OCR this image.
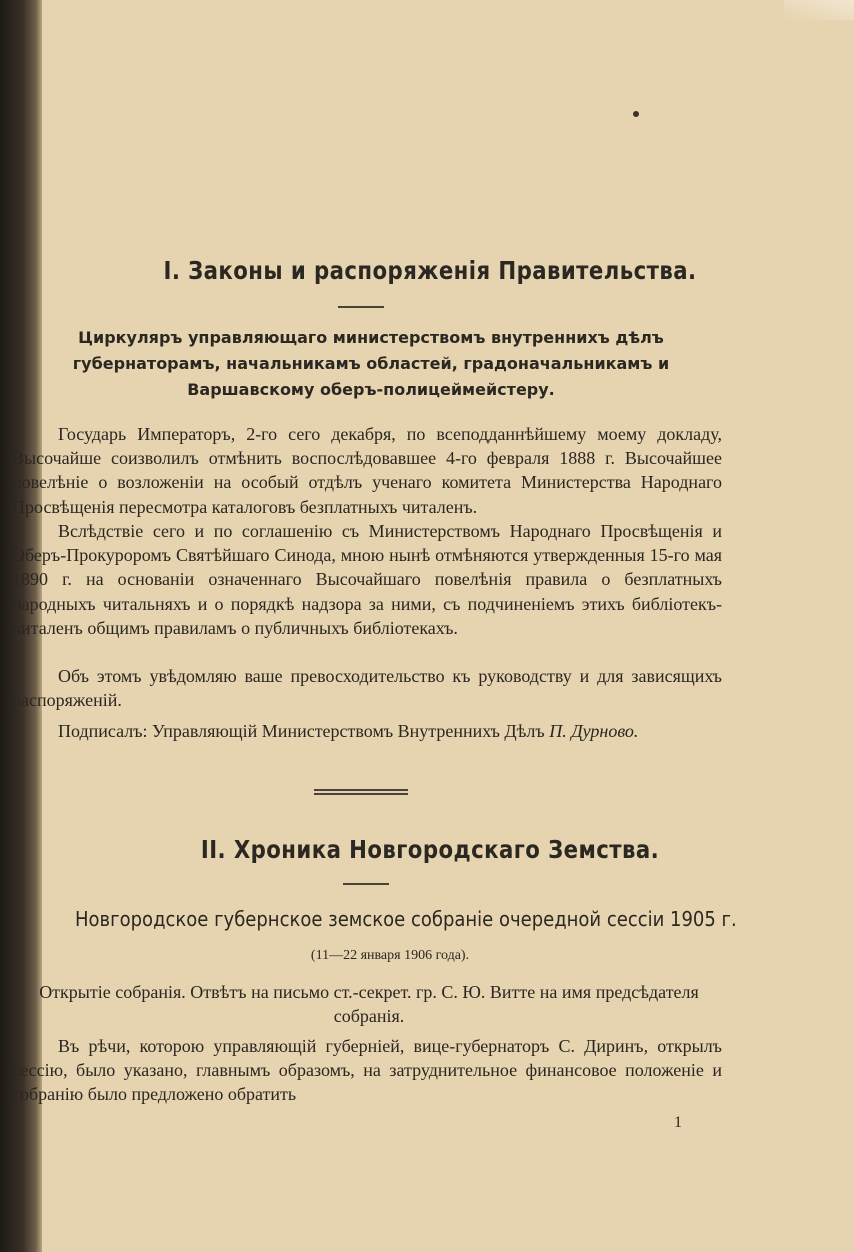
I. Законы и распоряженія Правительства.
Циркуляръ управляющаго министерствомъ внутреннихъ дѣлъ губернаторамъ, начальникамъ областей, градоначальникамъ и Варшавскому оберъ-полицеймейстеру.
Государь Императоръ, 2-го сего декабря, по всеподданнѣйшему моему докладу, Высочайше соизволилъ отмѣнить воспослѣдовавшее 4-го февраля 1888 г. Высочайшее повелѣніе о возложеніи на особый отдѣлъ ученаго комитета Министерства Народнаго Просвѣщенія пересмотра каталоговъ безплатныхъ читаленъ.
Вслѣдствіе сего и по соглашенію съ Министерствомъ Народнаго Просвѣщенія и Оберъ-Прокуроромъ Святѣйшаго Синода, мною нынѣ отмѣняются утвержденныя 15-го мая 1890 г. на основаніи означеннаго Высочайшаго повелѣнія правила о безплатныхъ народныхъ читальняхъ и о порядкѣ надзора за ними, съ подчиненіемъ этихъ библіотекъ-читаленъ общимъ правиламъ о публичныхъ библіотекахъ.
Объ этомъ увѣдомляю ваше превосходительство къ руководству и для зависящихъ распоряженій.
Подписалъ: Управляющій Министерствомъ Внутреннихъ Дѣлъ П. Дурново.
II. Хроника Новгородскаго Земства.
Новгородское губернское земское собраніе очередной сессіи 1905 г.
(11—22 января 1906 года).
Открытіе собранія. Отвѣтъ на письмо ст.-секрет. гр. С. Ю. Витте на имя предсѣдателя собранія.
Въ рѣчи, которою управляющій губерніей, вице-губернаторъ С. Диринъ, открылъ сессію, было указано, главнымъ образомъ, на затруднительное финансовое положеніе и собранію было предложено обратить
1
